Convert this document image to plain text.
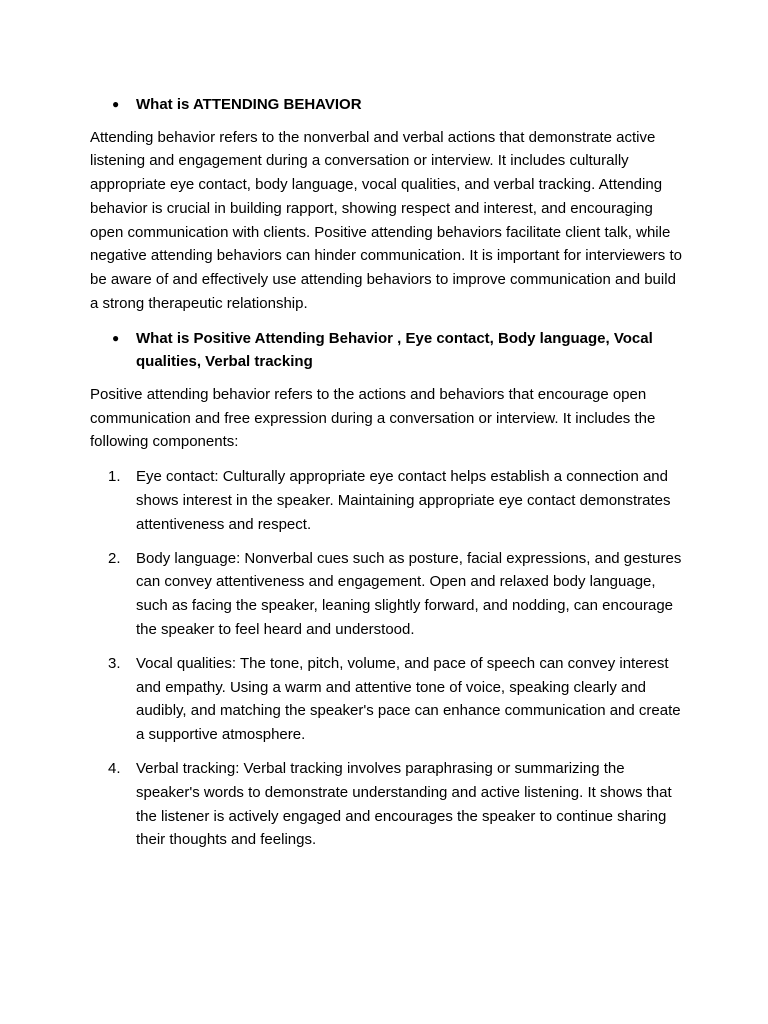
●	What is ATTENDING BEHAVIOR

Attending behavior refers to the nonverbal and verbal actions that demonstrate active listening and engagement during a conversation or interview. It includes culturally appropriate eye contact, body language, vocal qualities, and verbal tracking. Attending behavior is crucial in building rapport, showing respect and interest, and encouraging open communication with clients. Positive attending behaviors facilitate client talk, while negative attending behaviors can hinder communication. It is important for interviewers to be aware of and effectively use attending behaviors to improve communication and build a strong therapeutic relationship.

●	What is Positive Attending Behavior , Eye contact, Body language, Vocal qualities, Verbal tracking

Positive attending behavior refers to the actions and behaviors that encourage open communication and free expression during a conversation or interview. It includes the following components:

1.	Eye contact: Culturally appropriate eye contact helps establish a connection and shows interest in the speaker. Maintaining appropriate eye contact demonstrates attentiveness and respect.
2.	Body language: Nonverbal cues such as posture, facial expressions, and gestures can convey attentiveness and engagement. Open and relaxed body language, such as facing the speaker, leaning slightly forward, and nodding, can encourage the speaker to feel heard and understood.
3.	Vocal qualities: The tone, pitch, volume, and pace of speech can convey interest and empathy. Using a warm and attentive tone of voice, speaking clearly and audibly, and matching the speaker's pace can enhance communication and create a supportive atmosphere.
4.	Verbal tracking: Verbal tracking involves paraphrasing or summarizing the speaker's words to demonstrate understanding and active listening. It shows that the listener is actively engaged and encourages the speaker to continue sharing their thoughts and feelings.
